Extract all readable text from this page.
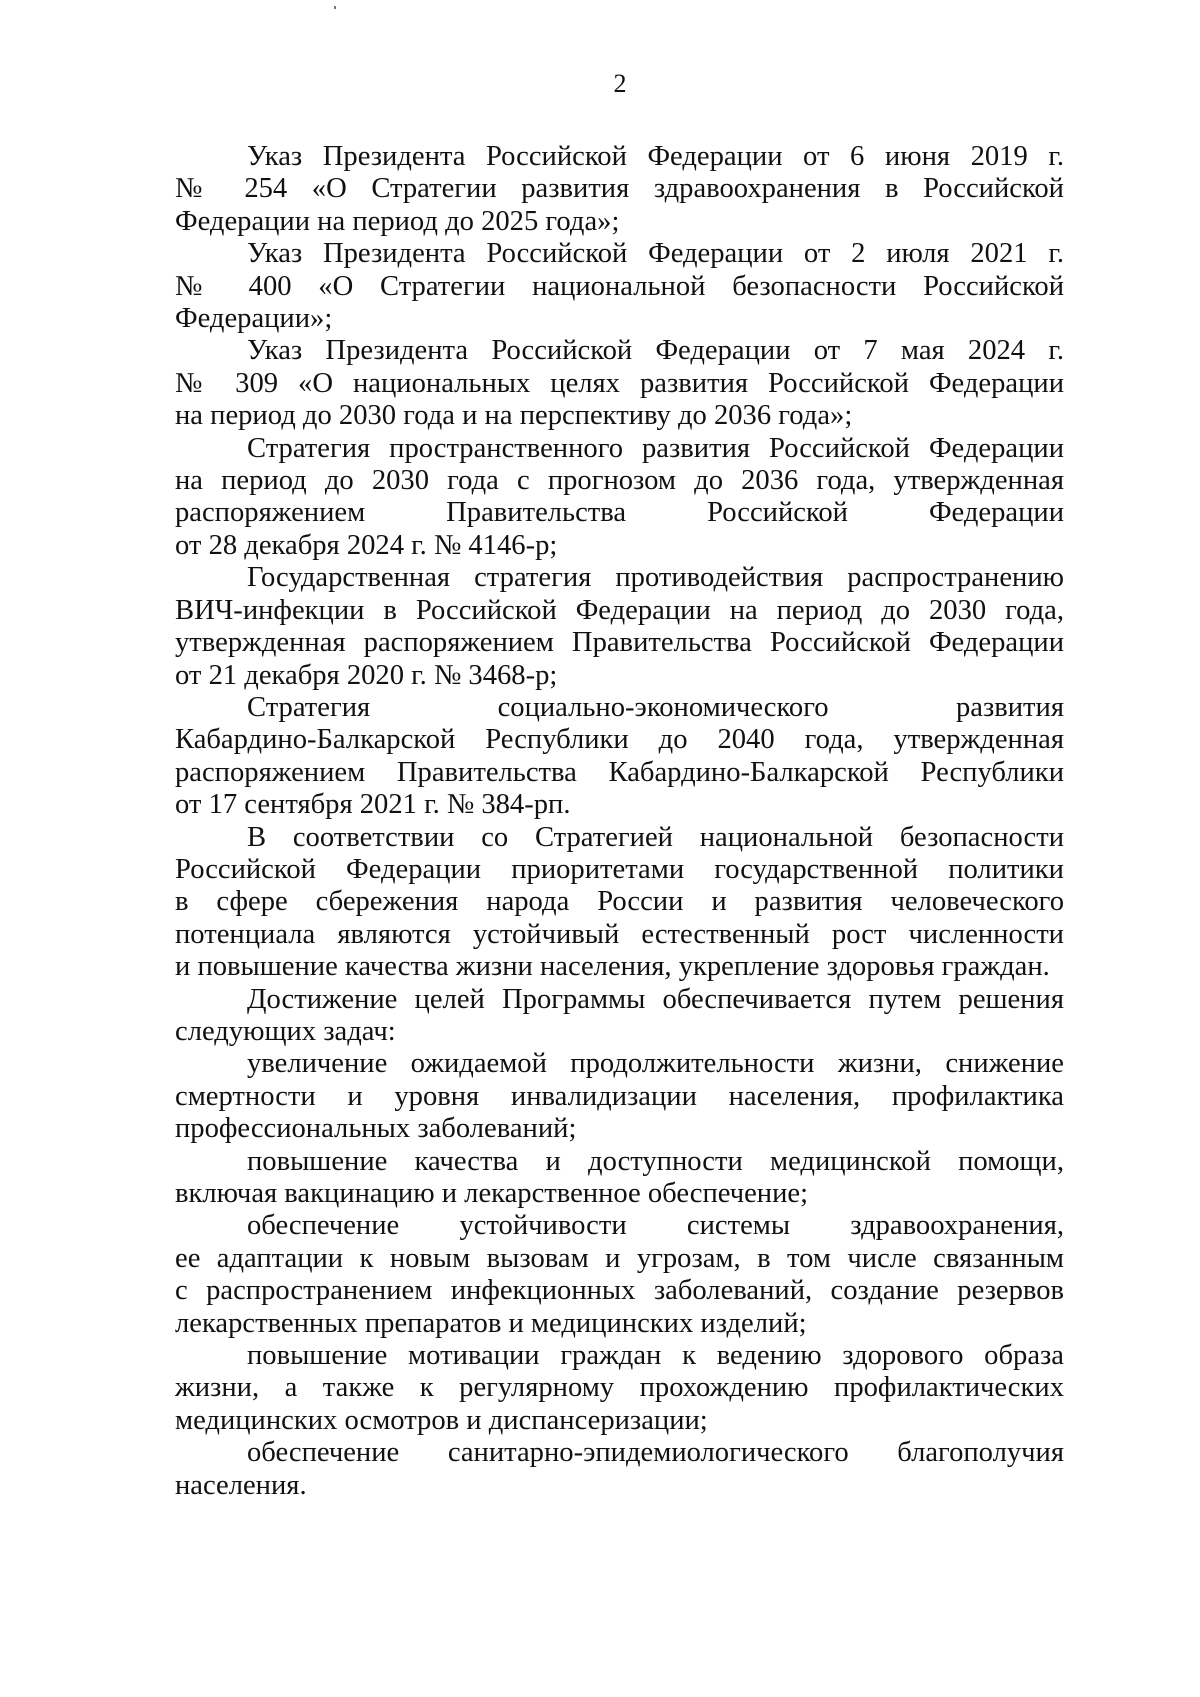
2

Указ Президента Российской Федерации от 6 июня 2019 г.
№ 254 «О Стратегии развития здравоохранения в Российской
Федерации на период до 2025 года»;

Указ Президента Российской Федерации от 2 июля 2021 г.
№ 400 «О Стратегии национальной безопасности Российской
Федерации»;

Указ Президента Российской Федерации от 7 мая 2024 г.
№ 309 «О национальных целях развития Российской Федерации
на период до 2030 года и на перспективу до 2036 года»;

Стратегия пространственного развития Российской Федерации
на период до 2030 года с прогнозом до 2036 года, утвержденная
распоряжением Правительства Российской Федерации
от 28 декабря 2024 г. № 4146-р;

Государственная стратегия противодействия распространению
ВИЧ-инфекции в Российской Федерации на период до 2030 года,
утвержденная распоряжением Правительства Российской Федерации
от 21 декабря 2020 г. № 3468-р;

Стратегия социально-экономического развития
Кабардино-Балкарской Республики до 2040 года, утвержденная
распоряжением Правительства Кабардино-Балкарской Республики
от 17 сентября 2021 г. № 384-рп.

В соответствии со Стратегией национальной безопасности
Российской Федерации приоритетами государственной политики
в сфере сбережения народа России и развития человеческого
потенциала являются устойчивый естественный рост численности
и повышение качества жизни населения, укрепление здоровья граждан.

Достижение целей Программы обеспечивается путем решения
следующих задач:

увеличение ожидаемой продолжительности жизни, снижение
смертности и уровня инвалидизации населения, профилактика
профессиональных заболеваний;

повышение качества и доступности медицинской помощи,
включая вакцинацию и лекарственное обеспечение;

обеспечение устойчивости системы здравоохранения,
ее адаптации к новым вызовам и угрозам, в том числе связанным
с распространением инфекционных заболеваний, создание резервов
лекарственных препаратов и медицинских изделий;

повышение мотивации граждан к ведению здорового образа
жизни, а также к регулярному прохождению профилактических
медицинских осмотров и диспансеризации;

обеспечение санитарно-эпидемиологического благополучия
населения.
